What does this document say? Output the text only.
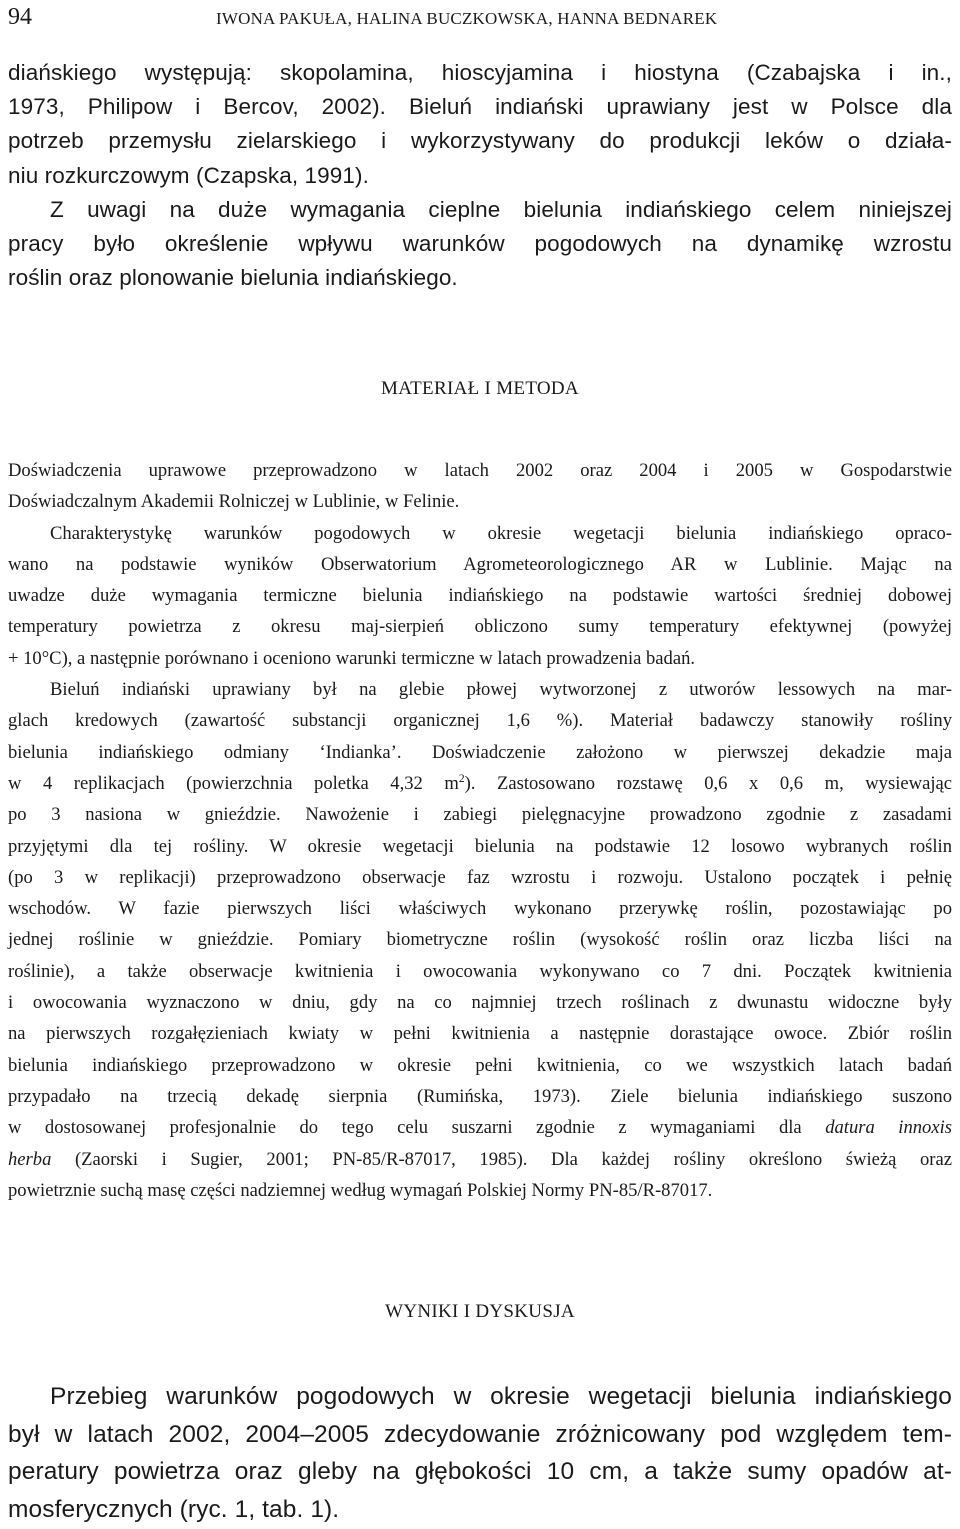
94	IWONA PAKUŁA, HALINA BUCZKOWSKA, HANNA BEDNAREK

diańskiego występują: skopolamina, hioscyjamina i hiostyna (Czabajska i in.,
1973, Philipow i Bercov, 2002). Bieluń indiański uprawiany jest w Polsce dla
potrzeb przemysłu zielarskiego i wykorzystywany do produkcji leków o działa-
niu rozkurczowym (Czapska, 1991).

Z uwagi na duże wymagania cieplne bielunia indiańskiego celem niniejszej
pracy było określenie wpływu warunków pogodowych na dynamikę wzrostu
roślin oraz plonowanie bielunia indiańskiego.

MATERIAŁ I METODA

Doświadczenia uprawowe przeprowadzono w latach 2002 oraz 2004 i 2005 w Gospodarstwie
Doświadczalnym Akademii Rolniczej w Lublinie, w Felinie.

Charakterystykę warunków pogodowych w okresie wegetacji bielunia indiańskiego opraco-
wano na podstawie wyników Obserwatorium Agrometeorologicznego AR w Lublinie. Mając na
uwadze duże wymagania termiczne bielunia indiańskiego na podstawie wartości średniej dobowej
temperatury powietrza z okresu maj-sierpień obliczono sumy temperatury efektywnej (powyżej
+ 10°C), a następnie porównano i oceniono warunki termiczne w latach prowadzenia badań.

Bieluń indiański uprawiany był na glebie płowej wytworzonej z utworów lessowych na mar-
glach kredowych (zawartość substancji organicznej 1,6 %). Materiał badawczy stanowiły rośliny
bielunia indiańskiego odmiany ‘Indianka’. Doświadczenie założono w pierwszej dekadzie maja
w 4 replikacjach (powierzchnia poletka 4,32 $m^2$). Zastosowano rozstawę 0,6 x 0,6 m, wysiewając
po 3 nasiona w gnieździe. Nawożenie i zabiegi pielęgnacyjne prowadzono zgodnie z zasadami
przyjętymi dla tej rośliny. W okresie wegetacji bielunia na podstawie 12 losowo wybranych roślin
(po 3 w replikacji) przeprowadzono obserwacje faz wzrostu i rozwoju. Ustalono początek i pełnię
wschodów. W fazie pierwszych liści właściwych wykonano przerywkę roślin, pozostawiając po
jednej roślinie w gnieździe. Pomiary biometryczne roślin (wysokość roślin oraz liczba liści na
roślinie), a także obserwacje kwitnienia i owocowania wykonywano co 7 dni. Początek kwitnienia
i owocowania wyznaczono w dniu, gdy na co najmniej trzech roślinach z dwunastu widoczne były
na pierwszych rozgałęzieniach kwiaty w pełni kwitnienia a następnie dorastające owoce. Zbiór roślin
bielunia indiańskiego przeprowadzono w okresie pełni kwitnienia, co we wszystkich latach badań
przypadało na trzecią dekadę sierpnia (Rumińska, 1973). Ziele bielunia indiańskiego suszono
w dostosowanej profesjonalnie do tego celu suszarni zgodnie z wymaganiami dla datura innoxis
herba (Zaorski i Sugier, 2001; PN-85/R-87017, 1985). Dla każdej rośliny określono świeżą oraz
powietrznie suchą masę części nadziemnej według wymagań Polskiej Normy PN-85/R-87017.

WYNIKI I DYSKUSJA

Przebieg warunków pogodowych w okresie wegetacji bielunia indiańskiego
był w latach 2002, 2004–2005 zdecydowanie zróżnicowany pod względem tem-
peratury powietrza oraz gleby na głębokości 10 cm, a także sumy opadów at-
mosferycznych (ryc. 1, tab. 1).
